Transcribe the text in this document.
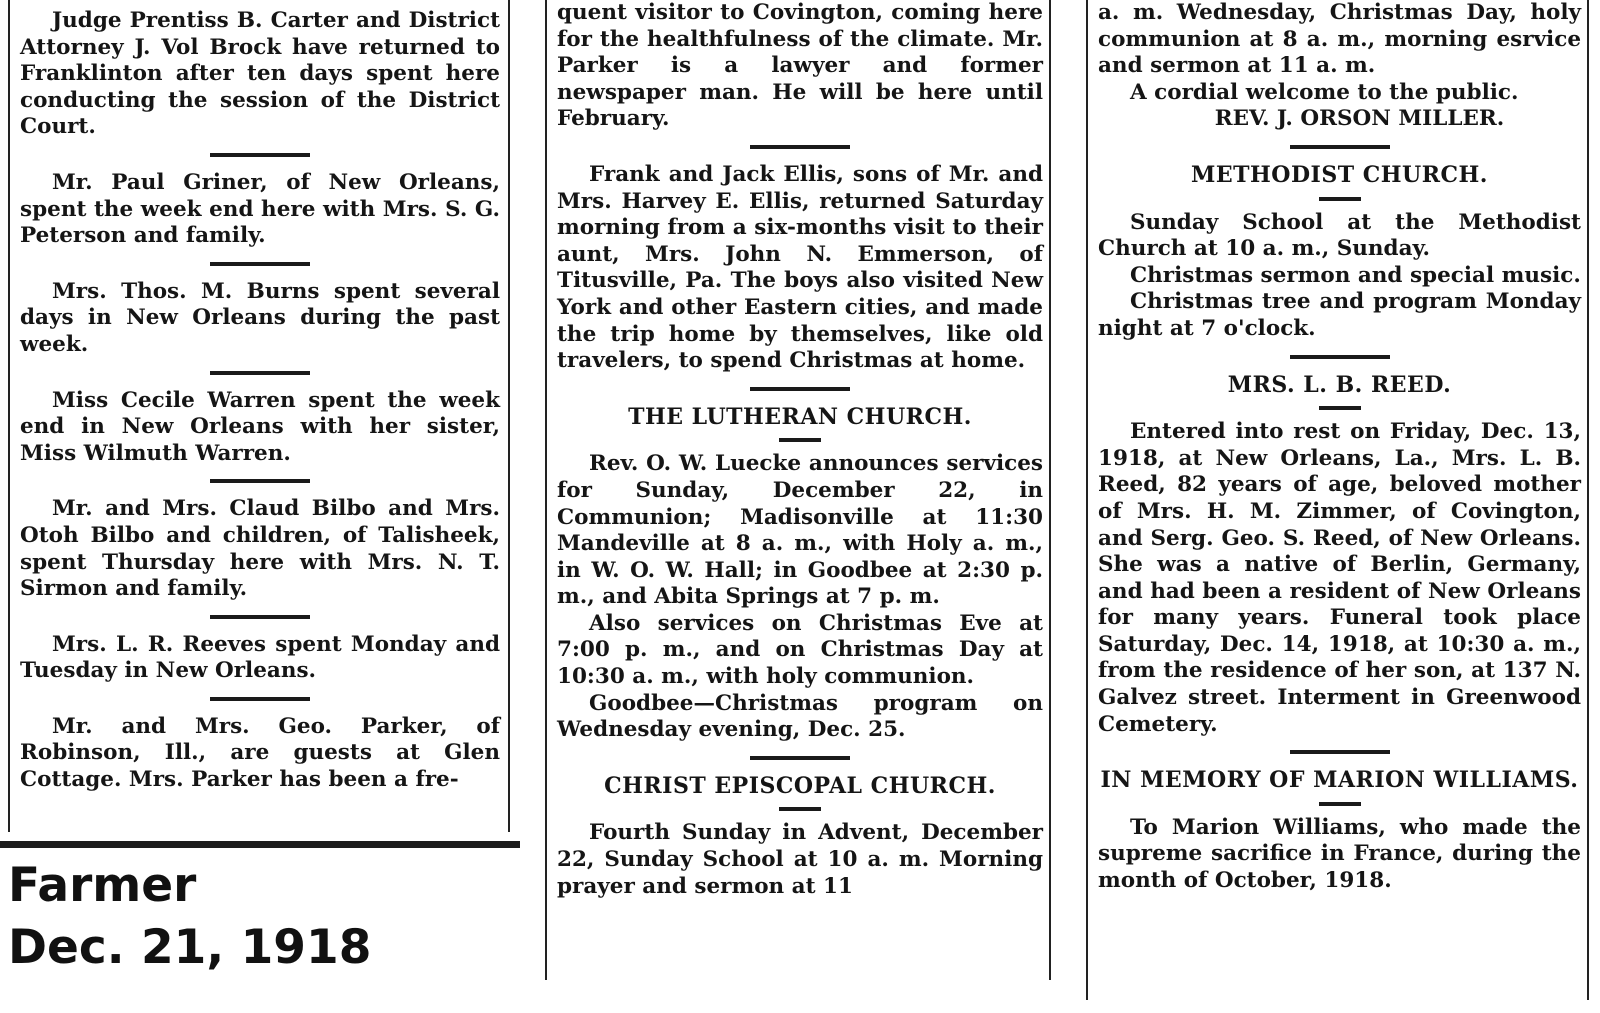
Judge Prentiss B. Carter and District Attorney J. Vol Brock have returned to Franklinton after ten days spent here conducting the session of the District Court.

Mr. Paul Griner, of New Orleans, spent the week end here with Mrs. S. G. Peterson and family.

Mrs. Thos. M. Burns spent several days in New Orleans during the past week.

Miss Cecile Warren spent the week end in New Orleans with her sister, Miss Wilmuth Warren.

Mr. and Mrs. Claud Bilbo and Mrs. Otoh Bilbo and children, of Talisheek, spent Thursday here with Mrs. N. T. Sirmon and family.

Mrs. L. R. Reeves spent Monday and Tuesday in New Orleans.

Mr. and Mrs. Geo. Parker, of Robinson, Ill., are guests at Glen Cottage. Mrs. Parker has been a fre-

Farmer
Dec. 21, 1918

quent visitor to Covington, coming here for the healthfulness of the climate. Mr. Parker is a lawyer and former newspaper man. He will be here until February.

Frank and Jack Ellis, sons of Mr. and Mrs. Harvey E. Ellis, returned Saturday morning from a six-months visit to their aunt, Mrs. John N. Emmerson, of Titusville, Pa. The boys also visited New York and other Eastern cities, and made the trip home by themselves, like old travelers, to spend Christmas at home.

THE LUTHERAN CHURCH.

Rev. O. W. Luecke announces services for Sunday, December 22, in Communion; Madisonville at 11:30 Mandeville at 8 a. m., with Holy a. m., in W. O. W. Hall; in Goodbee at 2:30 p. m., and Abita Springs at 7 p. m.

Also services on Christmas Eve at 7:00 p. m., and on Christmas Day at 10:30 a. m., with holy communion.

Goodbee—Christmas program on Wednesday evening, Dec. 25.

CHRIST EPISCOPAL CHURCH.

Fourth Sunday in Advent, December 22, Sunday School at 10 a. m. Morning prayer and sermon at 11

a. m. Wednesday, Christmas Day, holy communion at 8 a. m., morning esrvice and sermon at 11 a. m.

A cordial welcome to the public.

REV. J. ORSON MILLER.

METHODIST CHURCH.

Sunday School at the Methodist Church at 10 a. m., Sunday.

Christmas sermon and special music.

Christmas tree and program Monday night at 7 o'clock.

MRS. L. B. REED.

Entered into rest on Friday, Dec. 13, 1918, at New Orleans, La., Mrs. L. B. Reed, 82 years of age, beloved mother of Mrs. H. M. Zimmer, of Covington, and Serg. Geo. S. Reed, of New Orleans. She was a native of Berlin, Germany, and had been a resident of New Orleans for many years. Funeral took place Saturday, Dec. 14, 1918, at 10:30 a. m., from the residence of her son, at 137 N. Galvez street. Interment in Greenwood Cemetery.

IN MEMORY OF MARION WILLIAMS.

To Marion Williams, who made the supreme sacrifice in France, during the month of October, 1918.
